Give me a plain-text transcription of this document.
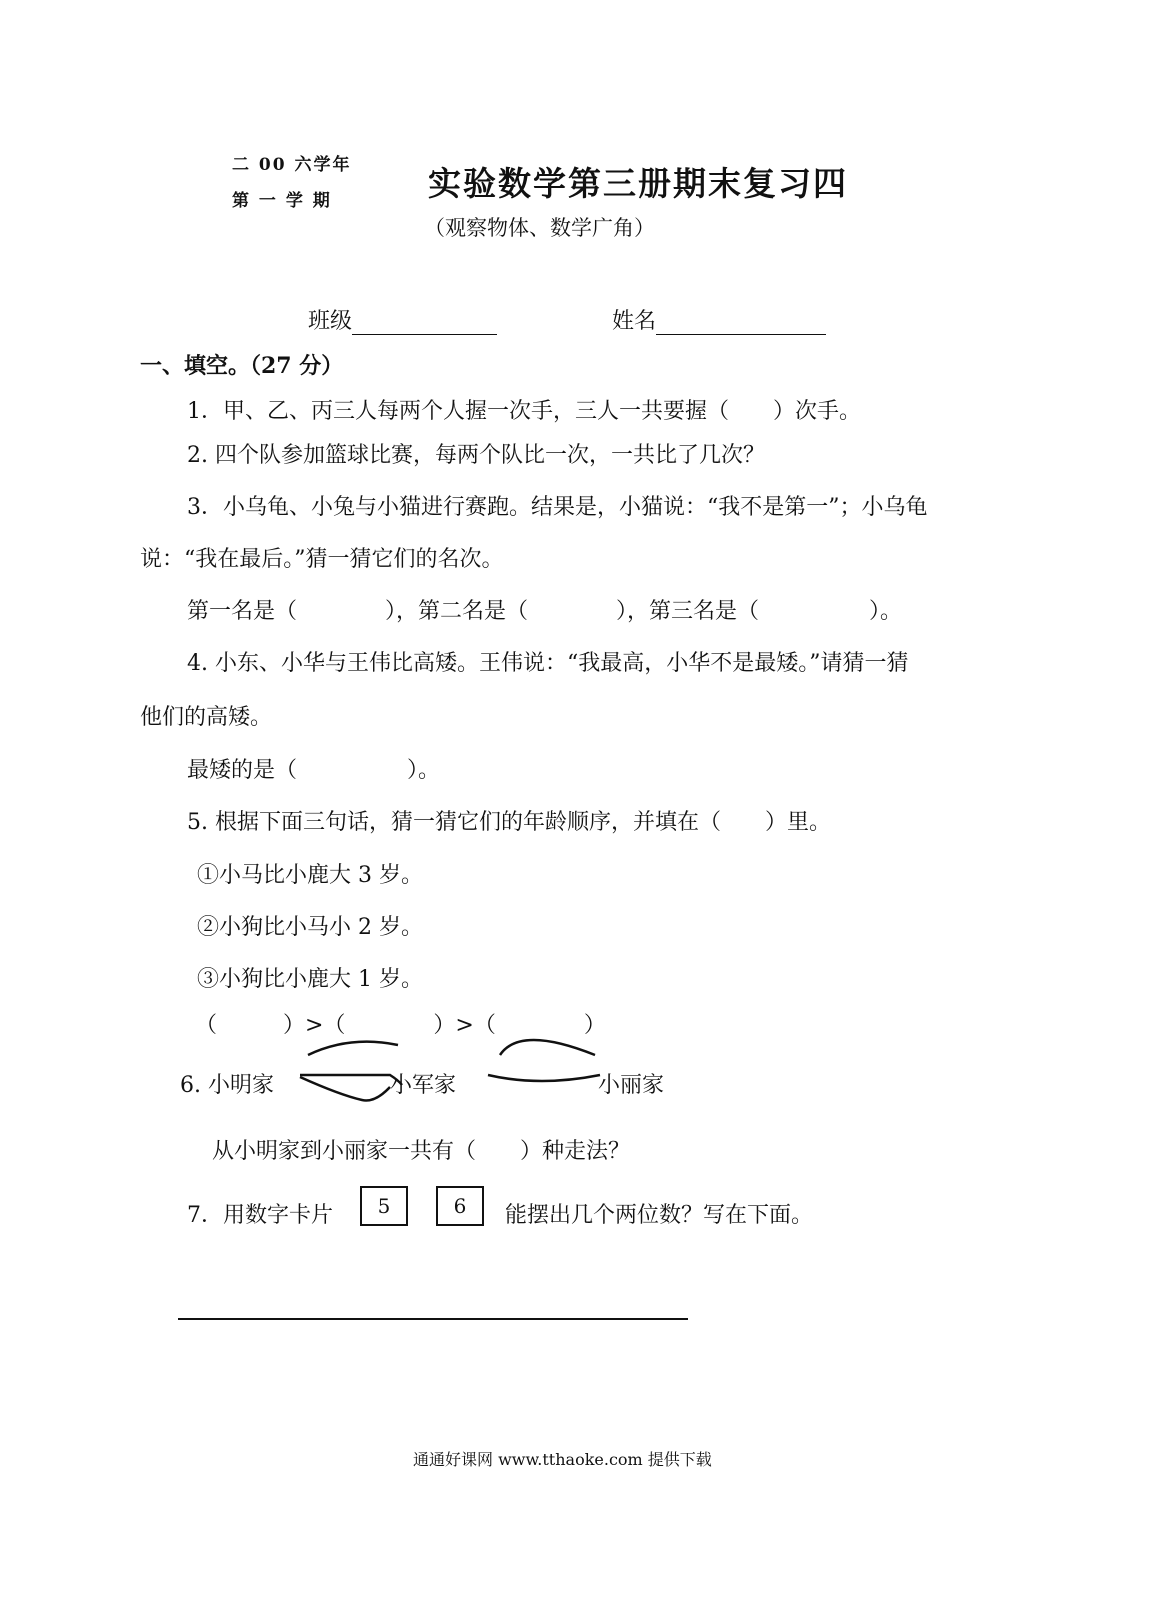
二 00 六学年
第 一 学 期	实验数学第三册期末复习四
（观察物体、数学广角）
班级	姓名
一、填空。（27 分）
1．甲、乙、丙三人每两个人握一次手，三人一共要握（　　）次手。
2. 四个队参加篮球比赛，每两个队比一次，一共比了几次？
3．小乌龟、小兔与小猫进行赛跑。结果是，小猫说：“我不是第一”；小乌龟
说：“我在最后。”猜一猜它们的名次。
第一名是（　　　　），第二名是（　　　　），第三名是（　　　　　）。
4. 小东、小华与王伟比高矮。王伟说：“我最高，小华不是最矮。”请猜一猜
他们的高矮。
最矮的是（　　　　　）。
5. 根据下面三句话，猜一猜它们的年龄顺序，并填在（　　）里。
①小马比小鹿大 3 岁。
②小狗比小马小 2 岁。
③小狗比小鹿大 1 岁。
（　　　）>（　　　　）>（　　　　）
6. 小明家	小军家	小丽家
从小明家到小丽家一共有（　　）种走法？
7．用数字卡片	5	6	能摆出几个两位数？写在下面。
通通好课网 www.tthaoke.com 提供下载
